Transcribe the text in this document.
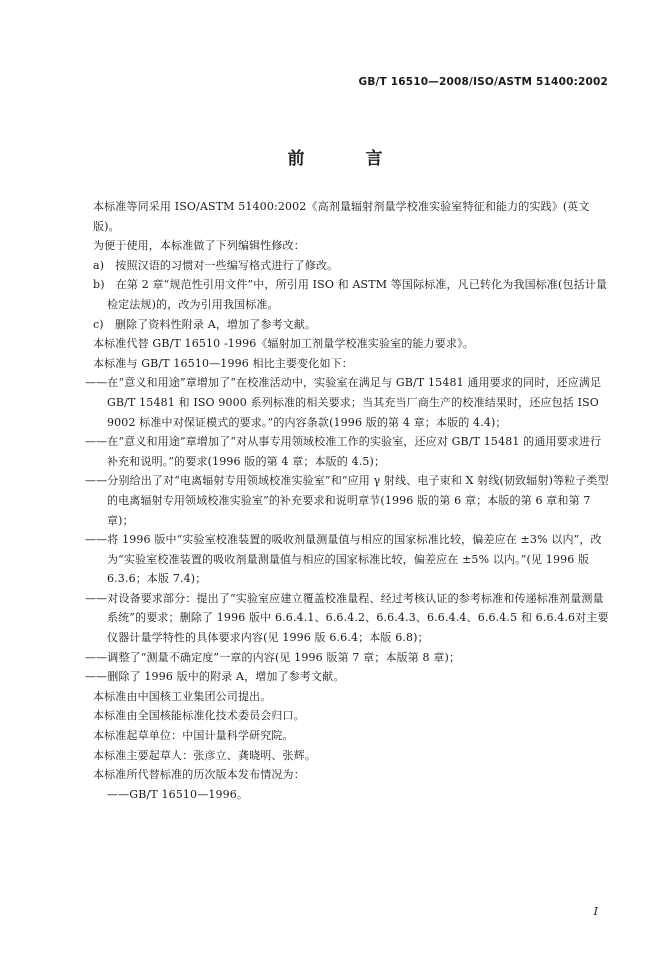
GB/T 16510—2008/ISO/ASTM 51400:2002
前　言

本标准等同采用 ISO/ASTM 51400:2002《高剂量辐射剂量学校准实验室特征和能力的实践》(英文版)。

为便于使用，本标准做了下列编辑性修改：

a)　按照汉语的习惯对一些编写格式进行了修改。

b)　在第 2 章“规范性引用文件”中，所引用 ISO 和 ASTM 等国际标准，凡已转化为我国标准(包括计量检定法规)的，改为引用我国标准。

c)　删除了资料性附录 A，增加了参考文献。

本标准代替 GB/T 16510 -1996《辐射加工剂量学校准实验室的能力要求》。

本标准与 GB/T 16510—1996 相比主要变化如下：

——在“意义和用途”章增加了“在校准活动中，实验室在满足与 GB/T 15481 通用要求的同时，还应满足 GB/T 15481 和 ISO 9000 系列标准的相关要求；当其充当厂商生产的校准结果时，还应包括 ISO 9002 标准中对保证模式的要求。”的内容条款(1996 版的第 4 章；本版的 4.4)；

——在“意义和用途”章增加了“对从事专用领域校准工作的实验室，还应对 GB/T 15481 的通用要求进行补充和说明。”的要求(1996 版的第 4 章；本版的 4.5)；

——分别给出了对“电离辐射专用领域校准实验室”和“应用 γ 射线、电子束和 X 射线(韧致辐射)等粒子类型的电离辐射专用领域校准实验室”的补充要求和说明章节(1996 版的第 6 章；本版的第 6 章和第 7 章)；

——将 1996 版中“实验室校准装置的吸收剂量测量值与相应的国家标准比较，偏差应在 ±3% 以内”，改为“实验室校准装置的吸收剂量测量值与相应的国家标准比较，偏差应在 ±5% 以内。”(见 1996 版 6.3.6；本版 7.4)；

——对设备要求部分：提出了“实验室应建立覆盖校准量程、经过考核认证的参考标准和传递标准剂量测量系统”的要求；删除了 1996 版中 6.6.4.1、6.6.4.2、6.6.4.3、6.6.4.4、6.6.4.5 和 6.6.4.6对主要仪器计量学特性的具体要求内容(见 1996 版 6.6.4；本版 6.8)；

——调整了“测量不确定度”一章的内容(见 1996 版第 7 章；本版第 8 章)；

——删除了 1996 版中的附录 A，增加了参考文献。

本标准由中国核工业集团公司提出。

本标准由全国核能标准化技术委员会归口。

本标准起草单位：中国计量科学研究院。

本标准主要起草人：张彦立、龚晓明、张辉。

本标准所代替标准的历次版本发布情况为：

——GB/T 16510—1996。

I
